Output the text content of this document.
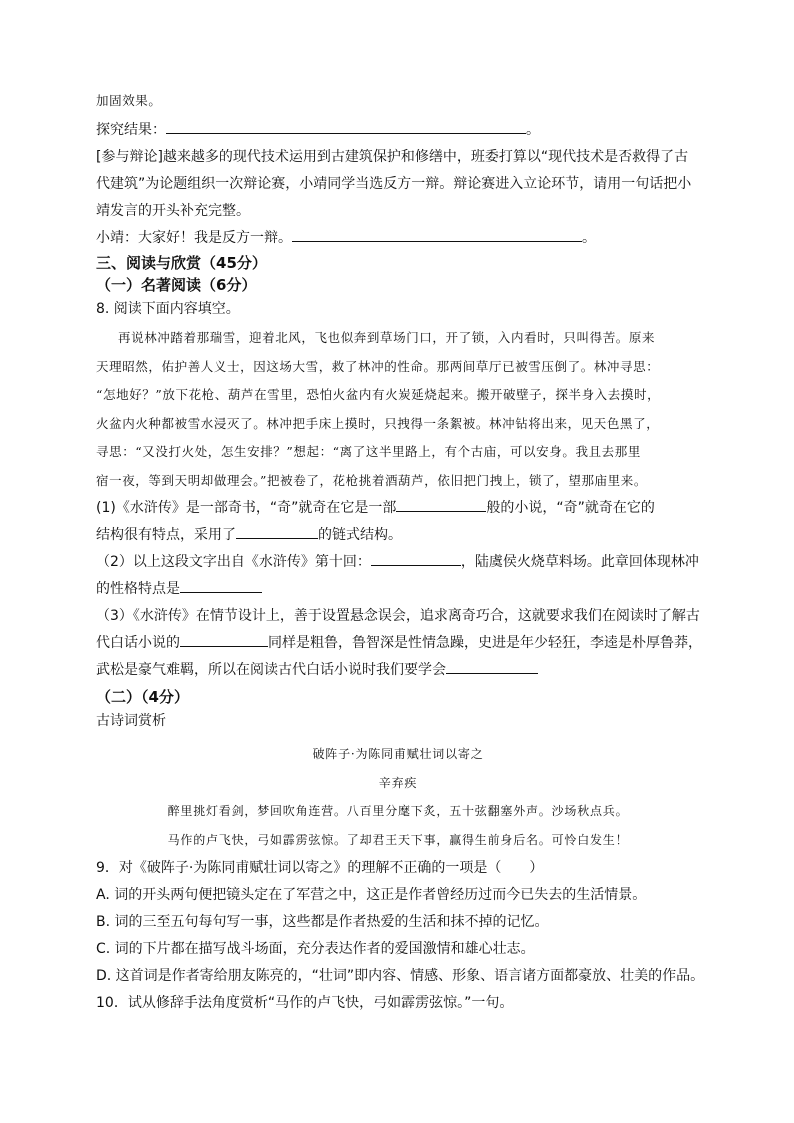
加固效果。
探究结果：	。
[参与辩论]越来越多的现代技术运用到古建筑保护和修缮中，班委打算以“现代技术是否救得了古
代建筑”为论题组织一次辩论赛，小靖同学当选反方一辩。辩论赛进入立论环节，请用一句话把小
靖发言的开头补充完整。
小靖：大家好！我是反方一辩。	。
三、阅读与欣赏（45分）
（一）名著阅读（6分）
8. 阅读下面内容填空。
再说林冲踏着那瑞雪，迎着北风，飞也似奔到草场门口，开了锁，入内看时，只叫得苦。原来
天理昭然，佑护善人义士，因这场大雪，救了林冲的性命。那两间草厅已被雪压倒了。林冲寻思：
“怎地好？”放下花枪、葫芦在雪里，恐怕火盆内有火炭延烧起来。搬开破壁子，探半身入去摸时，
火盆内火种都被雪水浸灭了。林冲把手床上摸时，只拽得一条絮被。林冲钻将出来，见天色黑了，
寻思：“又没打火处，怎生安排？”想起：“离了这半里路上，有个古庙，可以安身。我且去那里
宿一夜，等到天明却做理会。”把被卷了，花枪挑着酒葫芦，依旧把门拽上，锁了，望那庙里来。
(1)《水浒传》是一部奇书，“奇”就奇在它是一部	般的小说，“奇”就奇在它的
结构很有特点，采用了	的链式结构。
（2）以上这段文字出自《水浒传》第十回：	，陆虞侯火烧草料场。此章回体现林冲
的性格特点是
（3）《水浒传》在情节设计上，善于设置悬念误会，追求离奇巧合，这就要求我们在阅读时了解古
代白话小说的	同样是粗鲁，鲁智深是性情急躁，史进是年少轻狂，李逵是朴厚鲁莽，
武松是豪气难羁，所以在阅读古代白话小说时我们要学会
（二）（4分）
古诗词赏析
破阵子·为陈同甫赋壮词以寄之
辛弃疾
醉里挑灯看剑，梦回吹角连营。八百里分麾下炙，五十弦翻塞外声。沙场秋点兵。
马作的卢飞快，弓如霹雳弦惊。了却君王天下事，赢得生前身后名。可怜白发生！
9．对《破阵子·为陈同甫赋壮词以寄之》的理解不正确的一项是（　　）
A. 词的开头两句便把镜头定在了军营之中，这正是作者曾经历过而今已失去的生活情景。
B. 词的三至五句每句写一事，这些都是作者热爱的生活和抹不掉的记忆。
C. 词的下片都在描写战斗场面，充分表达作者的爱国激情和雄心壮志。
D. 这首词是作者寄给朋友陈亮的，“壮词”即内容、情感、形象、语言诸方面都豪放、壮美的作品。
10．试从修辞手法角度赏析“马作的卢飞快，弓如霹雳弦惊。”一句。
